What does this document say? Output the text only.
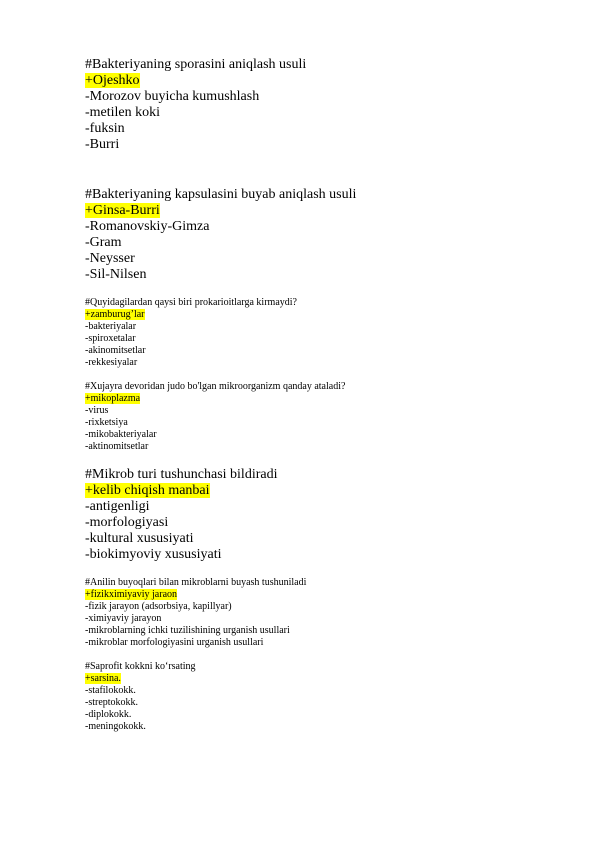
#Bakteriyaning sporasini aniqlash usuli
+Ojeshko
-Morozov buyicha kumushlash
-metilen koki
-fuksin
-Burri
#Bakteriyaning kapsulasini buyab aniqlash usuli
+Ginsa-Burri
-Romanovskiy-Gimza
-Gram
-Neysser
-Sil-Nilsen
#Quyidagilardan qaysi biri prokarioitlarga kirmaydi?
+zamburug’lar
-bakteriyalar
-spiroxetalar
-akinomitsetlar
-rekkesiyalar
#Xujayra devoridan judo bo'lgan mikroorganizm qanday ataladi?
+mikoplazma
-virus
-rixketsiya
-mikobakteriyalar
-aktinomitsetlar
#Mikrob turi tushunchasi bildiradi
+kelib chiqish manbai
-antigenligi
-morfologiyasi
-kultural xususiyati
-biokimyoviy xususiyati
#Anilin buyoqlari bilan mikroblarni buyash tushuniladi
+fizikximiyaviy jaraon
-fizik jarayon (adsorbsiya, kapillyar)
-ximiyaviy jarayon
-mikroblarning ichki tuzilishining urganish usullari
-mikroblar morfologiyasini urganish usullari
#Saprofit kokkni ko‘rsating
+sarsina.
-stafilokokk.
-streptokokk.
-diplokokk.
-meningokokk.
